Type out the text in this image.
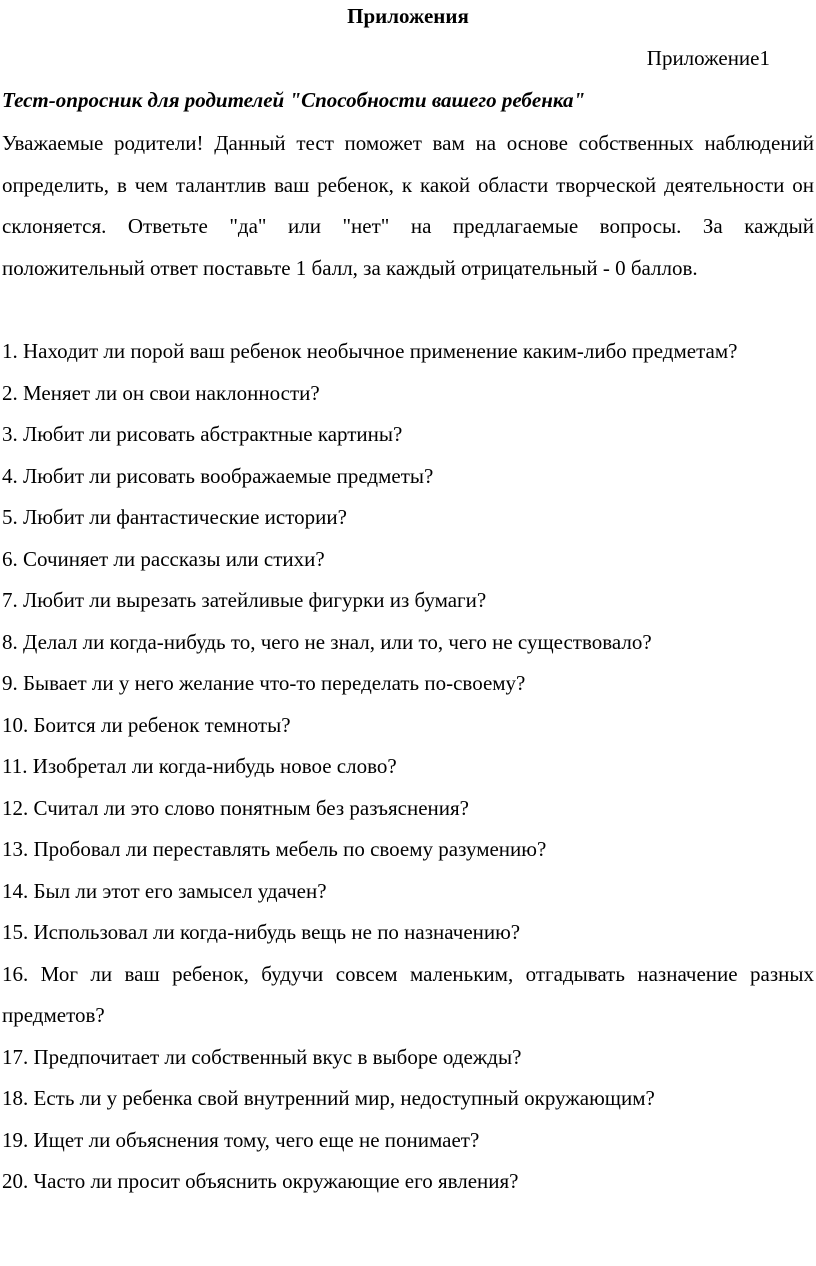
Приложения
Приложение1
Тест-опросник для родителей "Способности вашего ребенка"
Уважаемые родители! Данный тест поможет вам на основе собственных наблюдений определить, в чем талантлив ваш ребенок, к какой области творческой деятельности он склоняется. Ответьте "да" или "нет" на предлагаемые вопросы. За каждый положительный ответ поставьте 1 балл, за каждый отрицательный - 0 баллов.
1. Находит ли порой ваш ребенок необычное применение каким-либо предметам?
2. Меняет ли он свои наклонности?
3. Любит ли рисовать абстрактные картины?
4. Любит ли рисовать воображаемые предметы?
5. Любит ли фантастические истории?
6. Сочиняет ли рассказы или стихи?
7. Любит ли вырезать затейливые фигурки из бумаги?
8. Делал ли когда-нибудь то, чего не знал, или то, чего не существовало?
9. Бывает ли у него желание что-то переделать по-своему?
10. Боится ли ребенок темноты?
11. Изобретал ли когда-нибудь новое слово?
12. Считал ли это слово понятным без разъяснения?
13. Пробовал ли переставлять мебель по своему разумению?
14. Был ли этот его замысел удачен?
15. Использовал ли когда-нибудь вещь не по назначению?
16. Мог ли ваш ребенок, будучи совсем маленьким, отгадывать назначение разных предметов?
17. Предпочитает ли собственный вкус в выборе одежды?
18. Есть ли у ребенка свой внутренний мир, недоступный окружающим?
19. Ищет ли объяснения тому, чего еще не понимает?
20. Часто ли просит объяснить окружающие его явления?
